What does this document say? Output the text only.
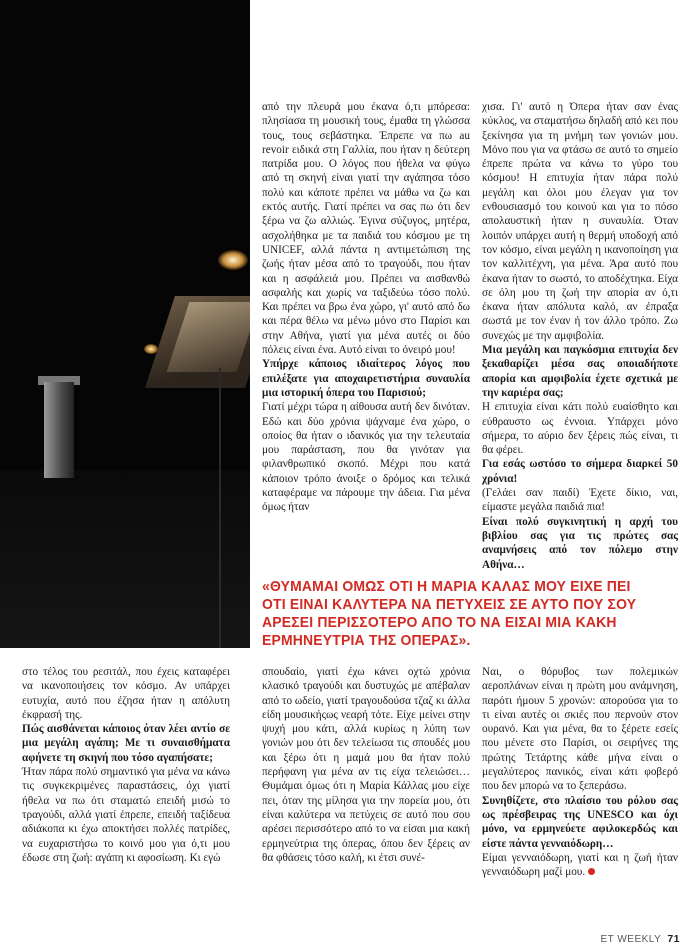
από την πλευρά μου έκανα ό,τι μπόρεσα: πλησίασα τη μουσική τους, έμαθα τη γλώσσα τους, τους σεβάστηκα. Έπρεπε να πω au revoir ειδικά στη Γαλλία, που ήταν η δεύτερη πατρίδα μου. Ο λόγος που ήθελα να φύγω από τη σκηνή είναι γιατί την αγάπησα τόσο πολύ και κάποτε πρέπει να μάθω να ζω και εκτός αυτής. Γιατί πρέπει να σας πω ότι δεν ξέρω να ζω αλλιώς. Έγινα σύζυγος, μητέρα, ασχολήθηκα με τα παιδιά του κόσμου με τη UNICEF, αλλά πάντα η αντιμετώπιση της ζωής ήταν μέσα από το τραγούδι, που ήταν και η ασφάλειά μου. Πρέπει να αισθανθώ ασφαλής και χωρίς να ταξιδεύω τόσο πολύ. Και πρέπει να βρω ένα χώρο, γι' αυτό από δω και πέρα θέλω να μένω μόνο στο Παρίσι και στην Αθήνα, γιατί για μένα αυτές οι δύο πόλεις είναι ένα. Αυτό είναι το όνειρό μου!

Υπήρχε κάποιος ιδιαίτερος λόγος που επιλέξατε για αποχαιρετιστήρια συναυλία μια ιστορική όπερα του Παρισιού;

Γιατί μέχρι τώρα η αίθουσα αυτή δεν δινόταν. Εδώ και δύο χρόνια ψάχναμε ένα χώρο, ο οποίος θα ήταν ο ιδανικός για την τελευταία μου παράσταση, που θα γινόταν για φιλανθρωπικό σκοπό. Μέχρι που κατά κάποιον τρόπο άνοιξε ο δρόμος και τελικά καταφέραμε να πάρουμε την άδεια. Για μένα όμως ήταν

χισα. Γι' αυτό η Όπερα ήταν σαν ένας κύκλος, να σταματήσω δηλαδή από κει που ξεκίνησα για τη μνήμη των γονιών μου. Μόνο που για να φτάσω σε αυτό το σημείο έπρεπε πρώτα να κάνω το γύρο του κόσμου! Η επιτυχία ήταν πάρα πολύ μεγάλη και όλοι μου έλεγαν για τον ενθουσιασμό του κοινού και για το πόσο απολαυστική ήταν η συναυλία. Όταν λοιπόν υπάρχει αυτή η θερμή υποδοχή από τον κόσμο, είναι μεγάλη η ικανοποίηση για τον καλλιτέχνη, για μένα. Άρα αυτό που έκανα ήταν το σωστό, το αποδέχτηκα. Είχα σε όλη μου τη ζωή την απορία αν ό,τι έκανα ήταν απόλυτα καλό, αν έπραξα σωστά με τον έναν ή τον άλλο τρόπο. Ζω συνεχώς με την αμφιβολία.

Μια μεγάλη και παγκόσμια επιτυχία δεν ξεκαθαρίζει μέσα σας οποιαδήποτε απορία και αμφιβολία έχετε σχετικά με την καριέρα σας;

Η επιτυχία είναι κάτι πολύ ευαίσθητο και εύθραυστο ως έννοια. Υπάρχει μόνο σήμερα, το αύριο δεν ξέρεις πώς είναι, τι θα φέρει.

Για εσάς ωστόσο το σήμερα διαρκεί 50 χρόνια!

(Γελάει σαν παιδί) Έχετε δίκιο, ναι, είμαστε μεγάλα παιδιά πια!

Είναι πολύ συγκινητική η αρχή του βιβλίου σας για τις πρώτες σας αναμνήσεις από τον πόλεμο στην Αθήνα…

«ΘΥΜΑΜΑΙ ΟΜΩΣ ΟΤΙ Η ΜΑΡΙΑ ΚΑΛΑΣ ΜΟΥ ΕΙΧΕ ΠΕΙ ΟΤΙ ΕΙΝΑΙ ΚΑΛΥΤΕΡΑ ΝΑ ΠΕΤΥΧΕΙΣ ΣΕ ΑΥΤΟ ΠΟΥ ΣΟΥ ΑΡΕΣΕΙ ΠΕΡΙΣΣΟΤΕΡΟ ΑΠΟ ΤΟ ΝΑ ΕΙΣΑΙ ΜΙΑ ΚΑΚΗ ΕΡΜΗΝΕΥΤΡΙΑ ΤΗΣ ΟΠΕΡΑΣ».

στο τέλος του ρεσιτάλ, που έχεις καταφέρει να ικανοποιήσεις τον κόσμο. Αν υπάρχει ευτυχία, αυτό που έζησα ήταν η απόλυτη έκφρασή της.

Πώς αισθάνεται κάποιος όταν λέει αντίο σε μια μεγάλη αγάπη; Με τι συναισθήματα αφήνετε τη σκηνή που τόσο αγαπήσατε;

Ήταν πάρα πολύ σημαντικό για μένα να κάνω τις συγκεκριμένες παραστάσεις, όχι γιατί ήθελα να πω ότι σταματώ επειδή μισώ το τραγούδι, αλλά γιατί έπρεπε, επειδή ταξίδευα αδιάκοπα κι έχω αποκτήσει πολλές πατρίδες, να ευχαριστήσω το κοινό μου για ό,τι μου έδωσε στη ζωή: αγάπη κι αφοσίωση. Κι εγώ

σπουδαίο, γιατί έχω κάνει οχτώ χρόνια κλασικό τραγούδι και δυστυχώς με απέβαλαν από το ωδείο, γιατί τραγουδούσα τζαζ κι άλλα είδη μουσικήςως νεαρή τότε. Είχε μείνει στην ψυχή μου κάτι, αλλά κυρίως η λύπη των γονιών μου ότι δεν τελείωσα τις σπουδές μου και ξέρω ότι η μαμά μου θα ήταν πολύ περήφανη για μένα αν τις είχα τελειώσει… Θυμάμαι όμως ότι η Μαρία Κάλλας μου είχε πει, όταν της μίλησα για την πορεία μου, ότι είναι καλύτερα να πετύχεις σε αυτό που σου αρέσει περισσότερο από το να είσαι μια κακή ερμηνεύτρια της όπερας, όπου δεν ξέρεις αν θα φθάσεις τόσο καλή, κι έτσι συνέ-

Ναι, ο θόρυβος των πολεμικών αεροπλάνων είναι η πρώτη μου ανάμνηση, παρότι ήμουν 5 χρονών: απορούσα για το τι είναι αυτές οι σκιές που περνούν στον ουρανό. Και για μένα, θα το ξέρετε εσείς που μένετε στο Παρίσι, οι σειρήνες της πρώτης Τετάρτης κάθε μήνα είναι ο μεγαλύτερος πανικός, είναι κάτι φοβερό που δεν μπορώ να το ξεπεράσω.

Συνηθίζετε, στο πλαίσιο του ρόλου σας ως πρέσβειρας της UNESCO και όχι μόνο, να ερμηνεύετε αφιλοκερδώς και είστε πάντα γενναιόδωρη…

Είμαι γενναιόδωρη, γιατί και η ζωή ήταν γενναιόδωρη μαζί μου.

ET WEEKLY 71
